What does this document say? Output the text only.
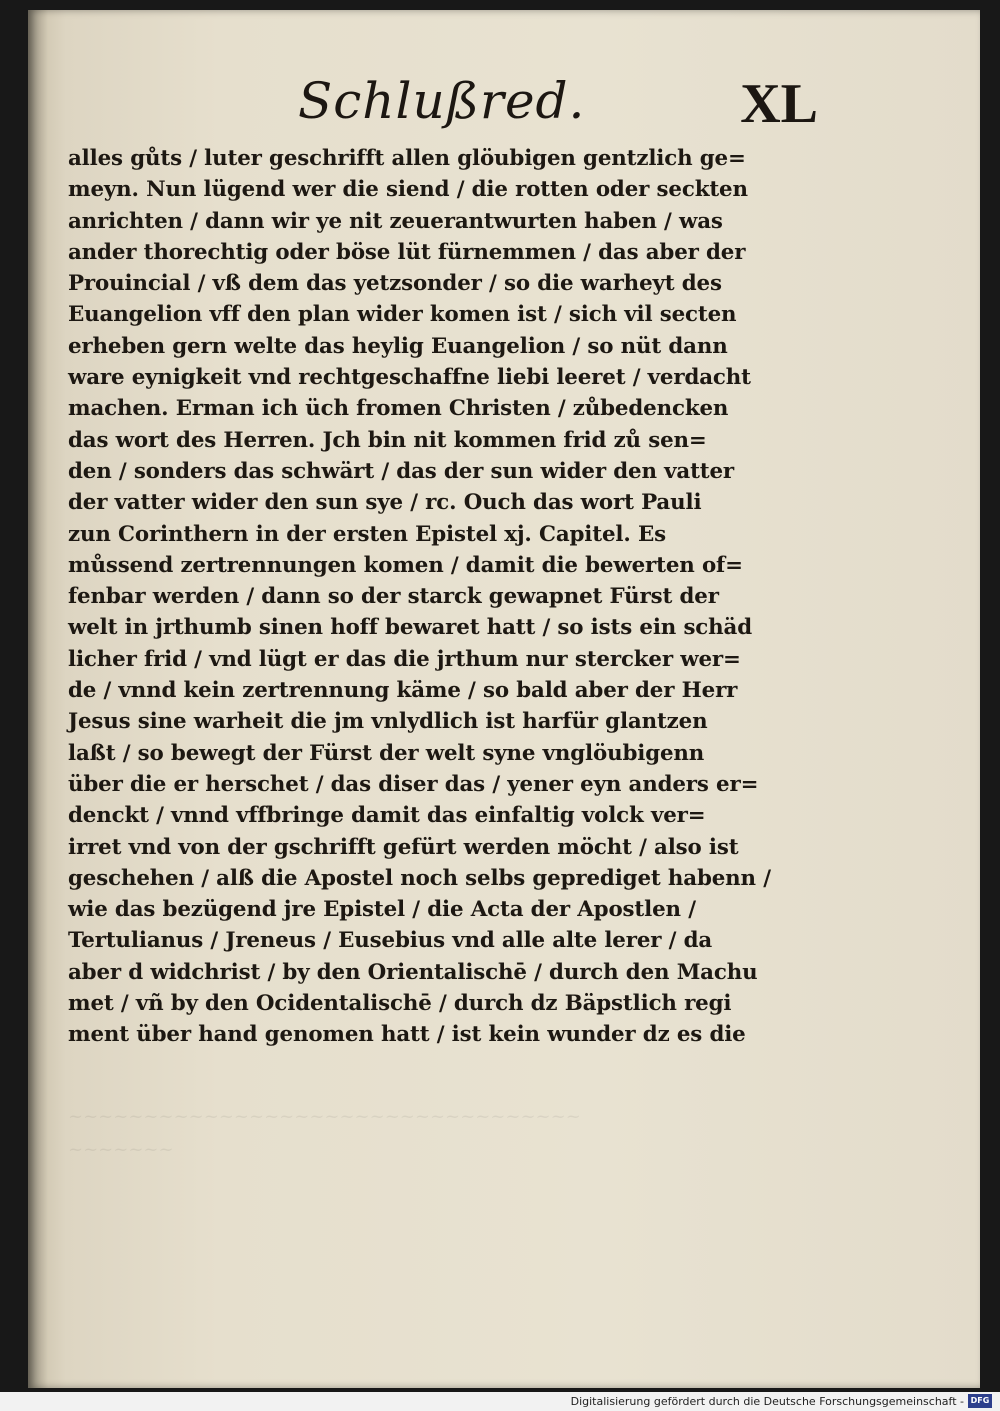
Schlußred.	XL
alles gůts / luter geschrifft allen glöubigen gentzlich ge=
meyn. Nun lügend wer die siend / die rotten oder seckten
anrichten / dann wir ye nit zeuerantwurten haben / was
ander thorechtig oder böse lüt fürnemmen / das aber der
Prouincial / vß dem das yetzsonder / so die warheyt des
Euangelion vff den plan wider komen ist / sich vil secten
erheben gern welte das heylig Euangelion / so nüt dann
ware eynigkeit vnd rechtgeschaffne liebi leeret / verdacht
machen. Erman ich üch fromen Christen / zůbedencken
das wort des Herren. Jch bin nit kommen frid zů sen=
den / sonders das schwärt / das der sun wider den vatter
der vatter wider den sun sye / rc. Ouch das wort Pauli
zun Corinthern in der ersten Epistel xj. Capitel. Es
můssend zertrennungen komen / damit die bewerten of=
fenbar werden / dann so der starck gewapnet Fürst der
welt in jrthumb sinen hoff bewaret hatt / so ists ein schäd
licher frid / vnd lügt er das die jrthum nur stercker wer=
de / vnnd kein zertrennung käme / so bald aber der Herr
Jesus sine warheit die jm vnlydlich ist harfür glantzen
laßt / so bewegt der Fürst der welt syne vnglöubigenn
über die er herschet / das diser das / yener eyn anders er=
denckt / vnnd vffbringe damit das einfaltig volck ver=
irret vnd von der gschrifft gefürt werden möcht / also ist
geschehen / alß die Apostel noch selbs geprediget habenn /
wie das bezügend jre Epistel / die Acta der Apostlen /
Tertulianus / Jreneus / Eusebius vnd alle alte lerer / da
aber d widchrist / by den Orientalischē / durch den Machu
met / vñ by den Ocidentalischē / durch dz Bäpstlich regi
ment über hand genomen hatt / ist kein wunder dz es die
~~~~~~~~~~~~~~~~~~~~~~~~~~~~~~~~~~
~~~~~~~
Digitalisierung gefördert durch die Deutsche Forschungsgemeinschaft - DFG
